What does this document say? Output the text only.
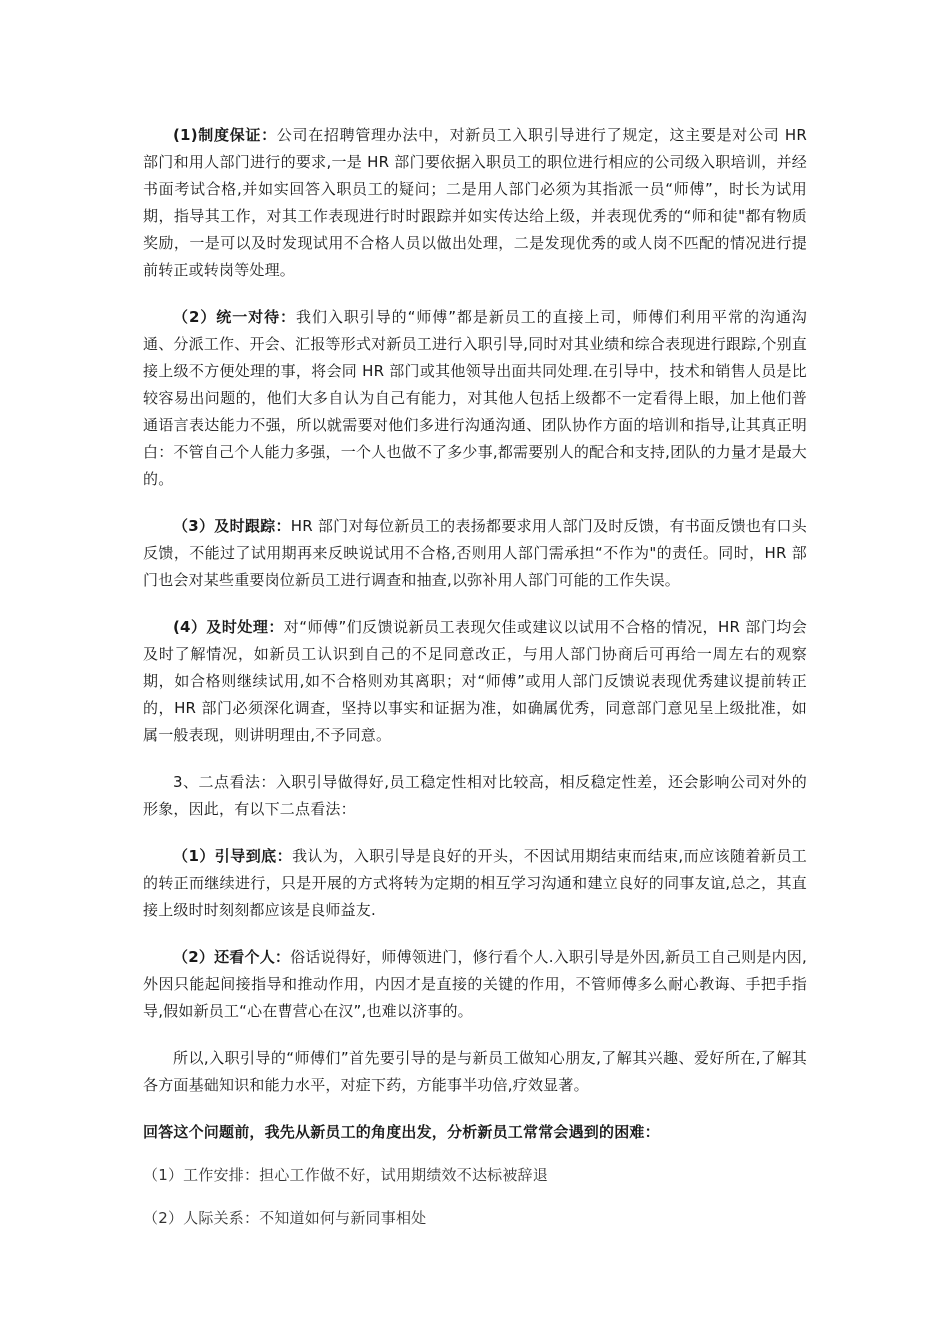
(1)制度保证：公司在招聘管理办法中，对新员工入职引导进行了规定，这主要是对公司 HR 部门和用人部门进行的要求,一是 HR 部门要依据入职员工的职位进行相应的公司级入职培训，并经书面考试合格,并如实回答入职员工的疑问；二是用人部门必须为其指派一员“师傅”，时长为试用期，指导其工作，对其工作表现进行时时跟踪并如实传达给上级，并表现优秀的“师和徒"都有物质奖励，一是可以及时发现试用不合格人员以做出处理，二是发现优秀的或人岗不匹配的情况进行提前转正或转岗等处理。

（2）统一对待：我们入职引导的“师傅”都是新员工的直接上司，师傅们利用平常的沟通沟通、分派工作、开会、汇报等形式对新员工进行入职引导,同时对其业绩和综合表现进行跟踪,个别直接上级不方便处理的事，将会同 HR 部门或其他领导出面共同处理.在引导中，技术和销售人员是比较容易出问题的，他们大多自认为自己有能力，对其他人包括上级都不一定看得上眼，加上他们普通语言表达能力不强，所以就需要对他们多进行沟通沟通、团队协作方面的培训和指导,让其真正明白：不管自己个人能力多强，一个人也做不了多少事,都需要别人的配合和支持,团队的力量才是最大的。

（3）及时跟踪：HR 部门对每位新员工的表扬都要求用人部门及时反馈，有书面反馈也有口头反馈，不能过了试用期再来反映说试用不合格,否则用人部门需承担“不作为"的责任。同时，HR 部门也会对某些重要岗位新员工进行调查和抽查,以弥补用人部门可能的工作失误。

(4）及时处理：对“师傅”们反馈说新员工表现欠佳或建议以试用不合格的情况，HR 部门均会及时了解情况，如新员工认识到自己的不足同意改正，与用人部门协商后可再给一周左右的观察期，如合格则继续试用,如不合格则劝其离职；对“师傅”或用人部门反馈说表现优秀建议提前转正的，HR 部门必须深化调查，坚持以事实和证据为准，如确属优秀，同意部门意见呈上级批准，如属一般表现，则讲明理由,不予同意。

3、二点看法：入职引导做得好,员工稳定性相对比较高，相反稳定性差，还会影响公司对外的形象，因此，有以下二点看法：

（1）引导到底：我认为，入职引导是良好的开头，不因试用期结束而结束,而应该随着新员工的转正而继续进行，只是开展的方式将转为定期的相互学习沟通和建立良好的同事友谊,总之，其直接上级时时刻刻都应该是良师益友.

（2）还看个人：俗话说得好，师傅领进门，修行看个人.入职引导是外因,新员工自己则是内因,外因只能起间接指导和推动作用，内因才是直接的关键的作用，不管师傅多么耐心教诲、手把手指导,假如新员工“心在曹营心在汉”,也难以济事的。

所以,入职引导的“师傅们”首先要引导的是与新员工做知心朋友,了解其兴趣、爱好所在,了解其各方面基础知识和能力水平，对症下药，方能事半功倍,疗效显著。

回答这个问题前，我先从新员工的角度出发，分析新员工常常会遇到的困难：

（1）工作安排：担心工作做不好，试用期绩效不达标被辞退

（2）人际关系：不知道如何与新同事相处
